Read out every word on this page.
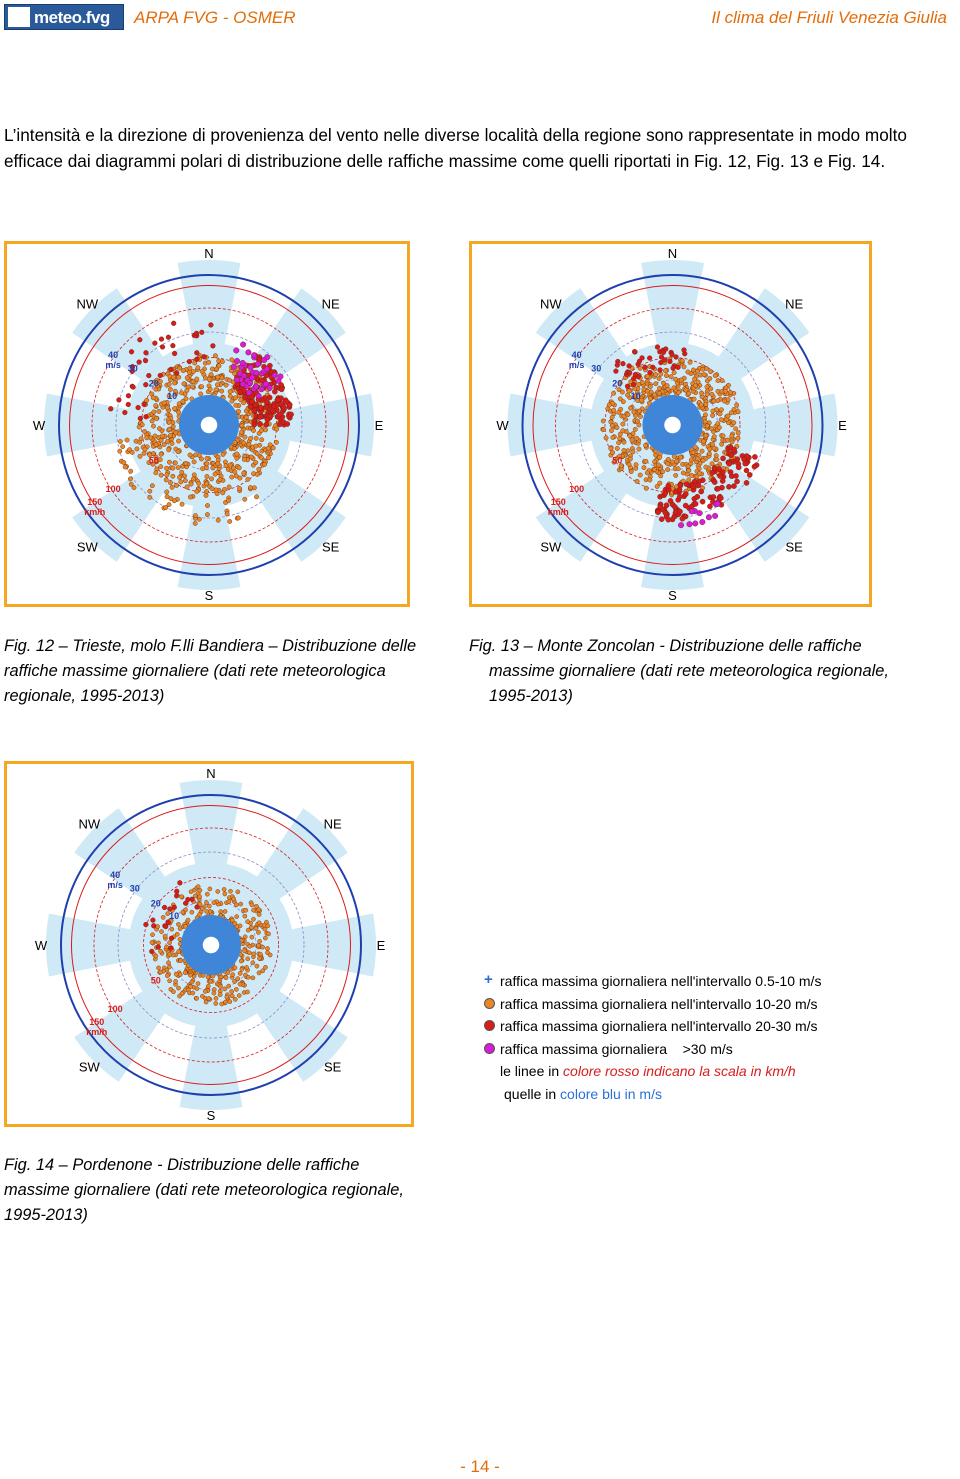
meteo.fvg ARPA FVG - OSMER	Il clima del Friuli Venezia Giulia
L’intensità e la direzione di provenienza del vento nelle diverse località della regione sono rappresentate in modo molto efficace dai diagrammi polari di distribuzione delle raffiche massime come quelli riportati in Fig. 12, Fig. 13 e Fig. 14.
N
NE
E
SE
S
SW
W
NW
10
20
30
40
m/s
50
100
150
km/h
N
NE
E
SE
S
SW
W
NW
10
20
30
40
m/s
50
100
150
km/h
N
NE
E
SE
S
SW
W
NW
10
20
30
40
m/s
50
100
150
km/h
Fig. 12 – Trieste, molo F.lli Bandiera – Distribuzione delle raffiche massime giornaliere (dati rete meteorologica regionale, 1995-2013)
Fig. 13 – Monte Zoncolan - Distribuzione delle raffiche massime giornaliere (dati rete meteorologica regionale, 1995-2013)
Fig. 14 – Pordenone - Distribuzione delle raffiche massime giornaliere (dati rete meteorologica regionale, 1995-2013)
+ raffica massima giornaliera nell'intervallo 0.5-10 m/s
raffica massima giornaliera nell'intervallo 10-20 m/s
raffica massima giornaliera nell'intervallo 20-30 m/s
raffica massima giornaliera    >30 m/s
le linee in colore rosso indicano la scala in km/h
quelle in colore blu in m/s
- 14 -
